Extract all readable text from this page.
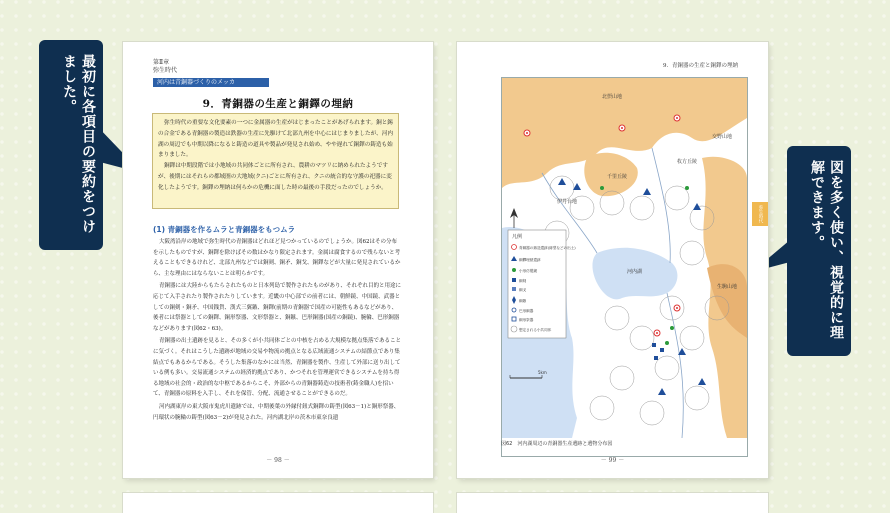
最初に各項目の要約をつけました。
図を多く使い、視覚的に理解できます。
第Ⅱ章
弥生時代
河内は青銅器づくりのメッカ
9．青銅器の生産と銅鐸の埋納

弥生時代の重要な文化要素の一つに金属器の生産がはじまったことがあげられます。銅と錫の合金である青銅器の製造は鉄器の生産に先駆けて北部九州を中心にはじまりましたが、河内湖の周辺でも中期以降になると鋳造の道具や製品が発見され始め、やや遅れて銅鐸の鋳造も始まりました。

銅鐸は中期段階では小地域の共同体ごとに所有され、農耕のマツリに納められたようですが、後期にはそれらの都域圏の大地域(クニ)ごとに所有され、クニの統合的な守護の祀器に変化したようです。銅鐸の埋納は何らかの危機に面した時の最後の手段だったのでしょうか。

(1) 青銅器を作るムラと青銅器をもつムラ

大阪湾沿岸の地域で弥生時代の青銅器はどれほど見つかっているのでしょうか。図62はその分布を示したものですが、銅鐸を除けばその数はかなり限定されます。金属は腐食するので残らないと考えることもできるけれど、北部九州などでは銅剣、銅矛、銅戈、銅鐸などが大量に発見されているから、主な理由にはならないことは明らかです。

青銅器には大陸からもたらされたものと日本列島で製作されたものがあり、それぞれ目的と用途に応じて入手されたり製作されたりしています。近畿の中心部での前者には、朝鮮鏡、中国鏡、武器としての銅剣・銅矛、中国銭貨、漢式三翼鏃、銅鐸(前期の青銅器で国産の可能性もあるなどがあり、後者には祭器としての銅鐸、銅形祭器、文形祭器と、銅鏃、巴形銅器(国産の銅鏡)、腕輪、巴形銅器などがあります(図62・63)。

青銅器の出土遺跡を見ると、その多くが小共同体ごとの中核を占める大規模な拠点集落であることに気づく。それはこうした遺跡が地域の交易や物流の拠点となる広域流通システムの結節点であり集結点でもあるからである。そうした集落のなかには当然、青銅器を製作、生産して外部に送り出している例も多い。交易流通システムの経済的拠点であり、かつそれを管理運営できるシステムを持ち得る地域の社会的・政治的な中枢であるからこそ、外部からの青銅器鋳造の技術者(鋳金職人)を招いて、青銅器の原料を入手し、それを保管、分配、流通させることができるのだ。

河内湖東岸の東大阪市鬼虎川遺跡では、中期後葉の外縁付鈕式銅鐸の鋳型(図63－1)と銅形祭器、円環状の腕輪の鋳型(図63－2)が発見された。河内湖北岸の茨木市東奈良遺

－ 98 －
9．青銅器の生産と銅鐸の埋納
北摂山地
千里丘陵
伊丹台地
交野山地
枚方丘陵
河内湖
生駒山地
凡例
青銅器の鋳造遺跡(鋳型などの出土)
銅鐸埋納遺跡
小形仿製鏡
銅剣
銅戈
銅鏃
巴形銅器
銅形祭器
想定される小共同体
5km
図62　河内湖周辺の青銅器生産遺跡と遺物分布図
弥生時代
－ 99 －
